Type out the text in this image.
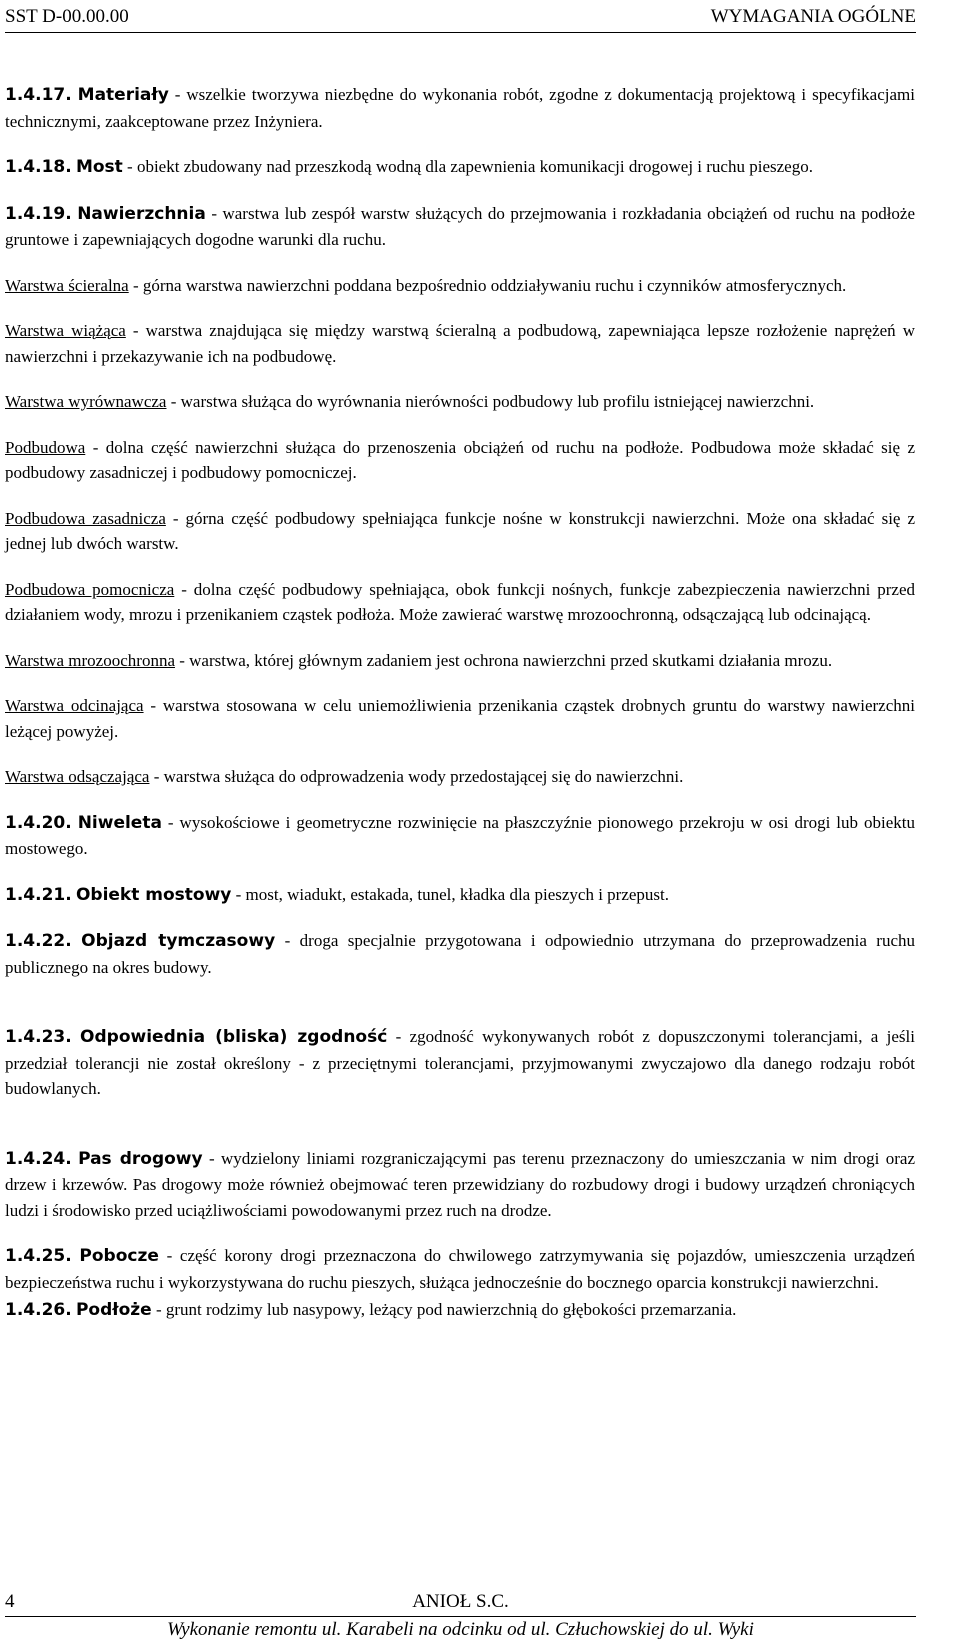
SST D-00.00.00	WYMAGANIA OGÓLNE

1.4.17. Materiały - wszelkie tworzywa niezbędne do wykonania robót, zgodne z dokumentacją projektową i specyfikacjami technicznymi, zaakceptowane przez Inżyniera.

1.4.18. Most - obiekt zbudowany nad przeszkodą wodną dla zapewnienia komunikacji drogowej i ruchu pieszego.

1.4.19. Nawierzchnia - warstwa lub zespół warstw służących do przejmowania i rozkładania obciążeń od ruchu na podłoże gruntowe i zapewniających dogodne warunki dla ruchu.

Warstwa ścieralna - górna warstwa nawierzchni poddana bezpośrednio oddziaływaniu ruchu i czynników atmosferycznych.

Warstwa wiążąca - warstwa znajdująca się między warstwą ścieralną a podbudową, zapewniająca lepsze rozłożenie naprężeń w nawierzchni i przekazywanie ich na podbudowę.

Warstwa wyrównawcza - warstwa służąca do wyrównania nierówności podbudowy lub profilu istniejącej nawierzchni.

Podbudowa - dolna część nawierzchni służąca do przenoszenia obciążeń od ruchu na podłoże. Podbudowa może składać się z podbudowy zasadniczej i podbudowy pomocniczej.

Podbudowa zasadnicza - górna część podbudowy spełniająca funkcje nośne w konstrukcji nawierzchni. Może ona składać się z jednej lub dwóch warstw.

Podbudowa pomocnicza - dolna część podbudowy spełniająca, obok funkcji nośnych, funkcje zabezpieczenia nawierzchni przed działaniem wody, mrozu i przenikaniem cząstek podłoża. Może zawierać warstwę mrozoochronną, odsączającą lub odcinającą.

Warstwa mrozoochronna - warstwa, której głównym zadaniem jest ochrona nawierzchni przed skutkami działania mrozu.

Warstwa odcinająca - warstwa stosowana w celu uniemożliwienia przenikania cząstek drobnych gruntu do warstwy nawierzchni leżącej powyżej.

Warstwa odsączająca - warstwa służąca do odprowadzenia wody przedostającej się do nawierzchni.

1.4.20. Niweleta - wysokościowe i geometryczne rozwinięcie na płaszczyźnie pionowego przekroju w osi drogi lub obiektu mostowego.

1.4.21. Obiekt mostowy - most, wiadukt, estakada, tunel, kładka dla pieszych i przepust.

1.4.22. Objazd tymczasowy - droga specjalnie przygotowana i odpowiednio utrzymana do przeprowadzenia ruchu publicznego na okres budowy.

1.4.23. Odpowiednia (bliska) zgodność - zgodność wykonywanych robót z dopuszczonymi tolerancjami, a jeśli przedział tolerancji nie został określony - z przeciętnymi tolerancjami, przyjmowanymi zwyczajowo dla danego rodzaju robót budowlanych.

1.4.24. Pas drogowy - wydzielony liniami rozgraniczającymi pas terenu przeznaczony do umieszczania w nim drogi oraz drzew i krzewów. Pas drogowy może również obejmować teren przewidziany do rozbudowy drogi i budowy urządzeń chroniących ludzi i środowisko przed uciążliwościami powodowanymi przez ruch na drodze.

1.4.25. Pobocze - część korony drogi przeznaczona do chwilowego zatrzymywania się pojazdów, umieszczenia urządzeń bezpieczeństwa ruchu i wykorzystywana do ruchu pieszych, służąca jednocześnie do bocznego oparcia konstrukcji nawierzchni.

1.4.26. Podłoże - grunt rodzimy lub nasypowy, leżący pod nawierzchnią do głębokości przemarzania.

4	ANIOŁ S.C.
Wykonanie remontu ul. Karabeli na odcinku od ul. Człuchowskiej do ul. Wyki
